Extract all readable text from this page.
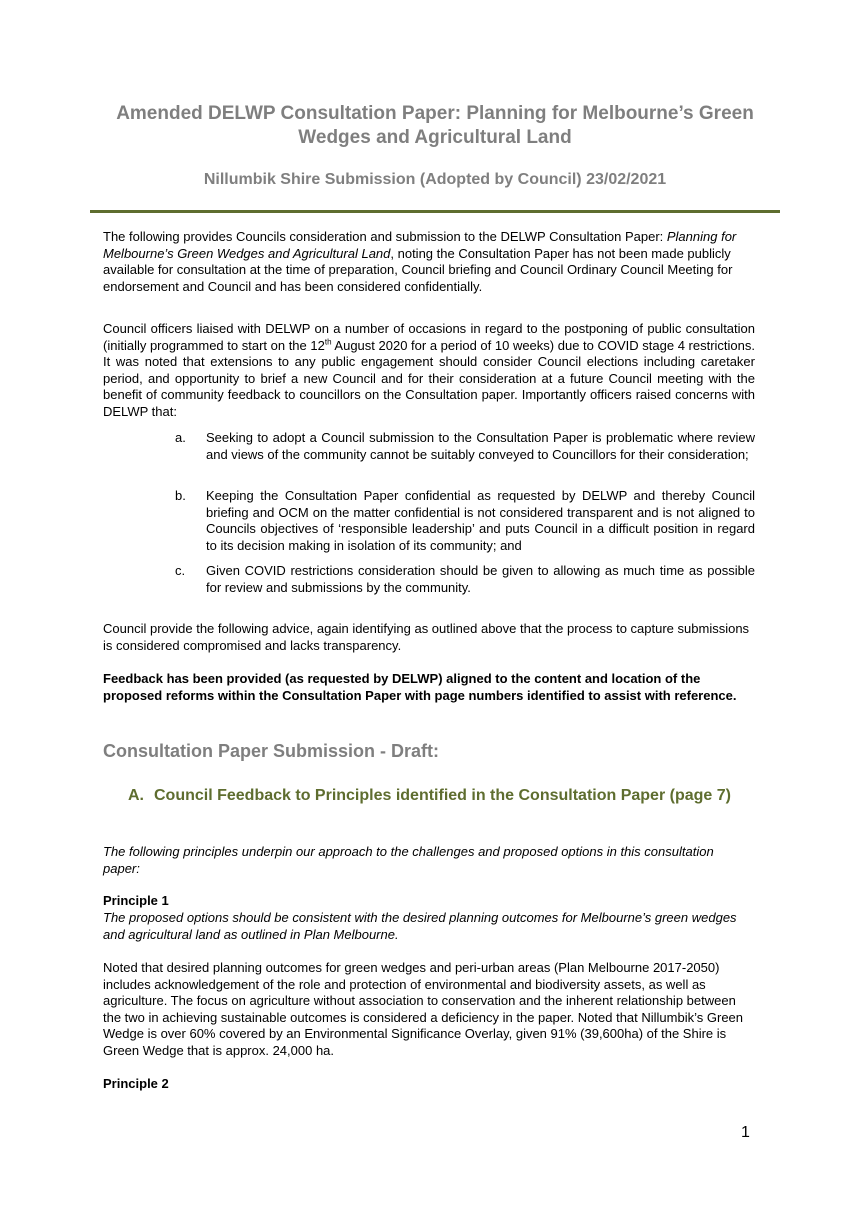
Amended DELWP Consultation Paper: Planning for Melbourne’s Green Wedges and Agricultural Land
Nillumbik Shire Submission (Adopted by Council) 23/02/2021
The following provides Councils consideration and submission to the DELWP Consultation Paper: Planning for Melbourne’s Green Wedges and Agricultural Land, noting the Consultation Paper has not been made publicly available for consultation at the time of preparation, Council briefing and Council Ordinary Council Meeting for endorsement and Council and has been considered confidentially.
Council officers liaised with DELWP on a number of occasions in regard to the postponing of public consultation (initially programmed to start on the 12th August 2020 for a period of 10 weeks) due to COVID stage 4 restrictions. It was noted that extensions to any public engagement should consider Council elections including caretaker period, and opportunity to brief a new Council and for their consideration at a future Council meeting with the benefit of community feedback to councillors on the Consultation paper. Importantly officers raised concerns with DELWP that:
a.	Seeking to adopt a Council submission to the Consultation Paper is problematic where review and views of the community cannot be suitably conveyed to Councillors for their consideration;
b.	Keeping the Consultation Paper confidential as requested by DELWP and thereby Council briefing and OCM on the matter confidential is not considered transparent and is not aligned to Councils objectives of ‘responsible leadership’ and puts Council in a difficult position in regard to its decision making in isolation of its community; and
c.	Given COVID restrictions consideration should be given to allowing as much time as possible for review and submissions by the community.
Council provide the following advice, again identifying as outlined above that the process to capture submissions is considered compromised and lacks transparency.
Feedback has been provided (as requested by DELWP) aligned to the content and location of the proposed reforms within the Consultation Paper with page numbers identified to assist with reference.
Consultation Paper Submission - Draft:
A. Council Feedback to Principles identified in the Consultation Paper (page 7)
The following principles underpin our approach to the challenges and proposed options in this consultation paper:
Principle 1
The proposed options should be consistent with the desired planning outcomes for Melbourne’s green wedges and agricultural land as outlined in Plan Melbourne.
Noted that desired planning outcomes for green wedges and peri-urban areas (Plan Melbourne 2017-2050) includes acknowledgement of the role and protection of environmental and biodiversity assets, as well as agriculture. The focus on agriculture without association to conservation and the inherent relationship between the two in achieving sustainable outcomes is considered a deficiency in the paper. Noted that Nillumbik’s Green Wedge is over 60% covered by an Environmental Significance Overlay, given 91% (39,600ha) of the Shire is Green Wedge that is approx. 24,000 ha.
Principle 2
1
